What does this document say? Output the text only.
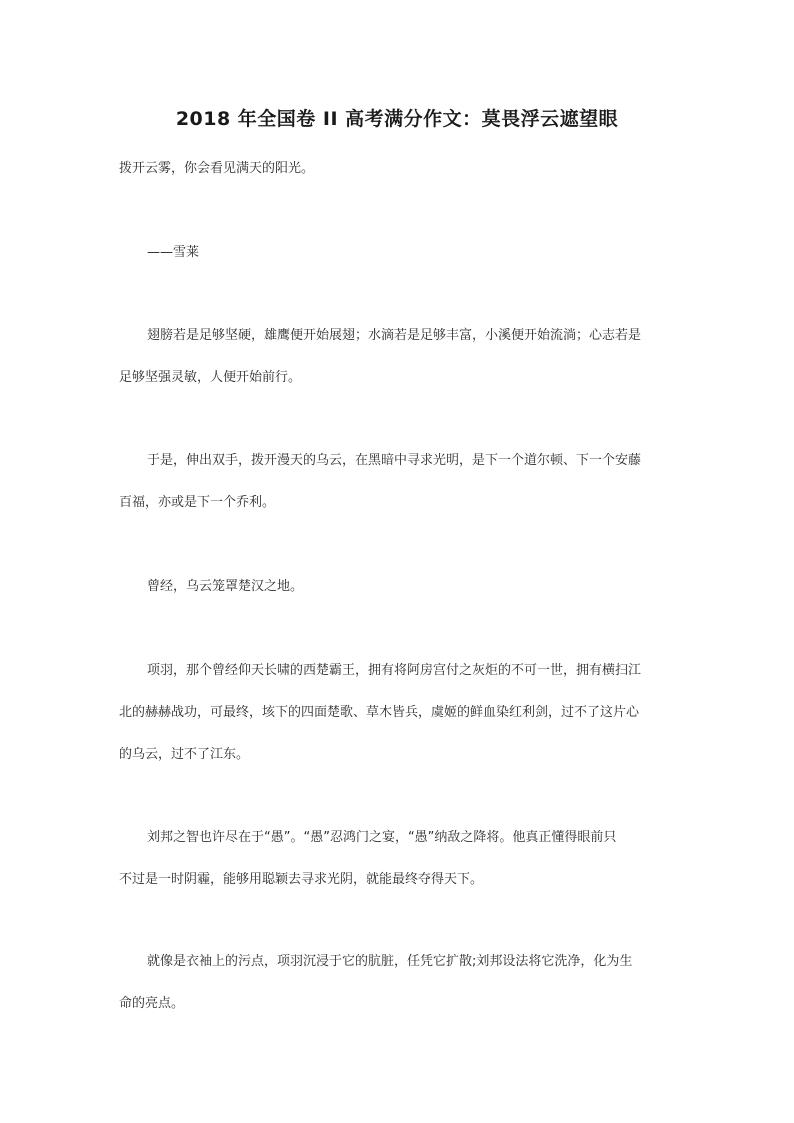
2018 年全国卷 II 高考满分作文：莫畏浮云遮望眼
拨开云雾，你会看见满天的阳光。
——雪莱
翅膀若是足够坚硬，雄鹰便开始展翅；水滴若是足够丰富，小溪便开始流淌；心志若是
足够坚强灵敏，人便开始前行。
于是，伸出双手，拨开漫天的乌云，在黑暗中寻求光明，是下一个道尔顿、下一个安藤
百福，亦或是下一个乔利。
曾经，乌云笼罩楚汉之地。
项羽，那个曾经仰天长啸的西楚霸王，拥有将阿房宫付之灰炬的不可一世，拥有横扫江
北的赫赫战功，可最终，垓下的四面楚歌、草木皆兵，虞姬的鲜血染红利剑，过不了这片心
的乌云，过不了江东。
刘邦之智也许尽在于“愚”。“愚”忍鸿门之宴，“愚”纳敌之降将。他真正懂得眼前只
不过是一时阴霾，能够用聪颖去寻求光阴，就能最终夺得天下。
就像是衣袖上的污点，项羽沉浸于它的肮脏，任凭它扩散;刘邦设法将它洗净，化为生
命的亮点。
